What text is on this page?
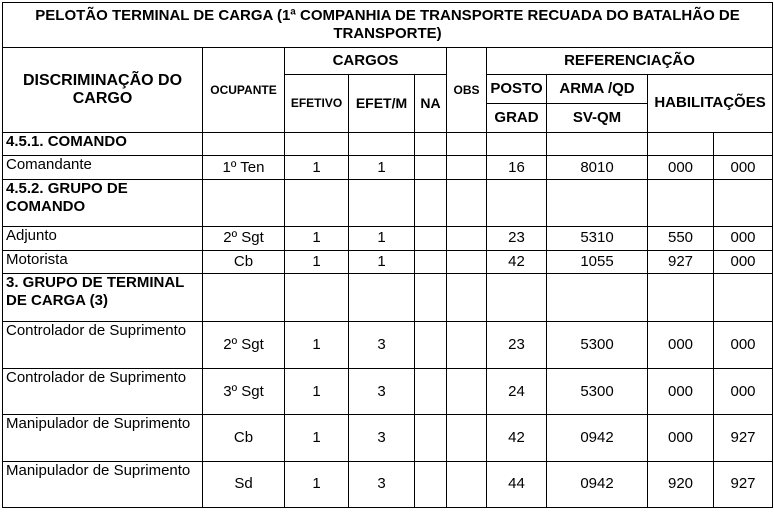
PELOTÃO TERMINAL DE CARGA (1ª COMPANHIA DE TRANSPORTE RECUADA DO BATALHÃO DE TRANSPORTE)									
DISCRIMINAÇÃO DO CARGO	OCUPANTE	CARGOS			OBS	REFERENCIAÇÃO			
		EFETIVO	EFET/M	NA		POSTO	ARMA /QD	HABILITAÇÕES	
						GRAD	SV-QM		
4.5.1. COMANDO									
Comandante	1º Ten	1	1			16	8010	000	000
4.5.2. GRUPO DE COMANDO									
Adjunto	2º Sgt	1	1			23	5310	550	000
Motorista	Cb	1	1			42	1055	927	000
3. GRUPO DE TERMINAL DE CARGA (3)									
Controlador de Suprimento	2º Sgt	1	3			23	5300	000	000
Controlador de Suprimento	3º Sgt	1	3			24	5300	000	000
Manipulador de Suprimento	Cb	1	3			42	0942	000	927
Manipulador de Suprimento	Sd	1	3			44	0942	920	927
